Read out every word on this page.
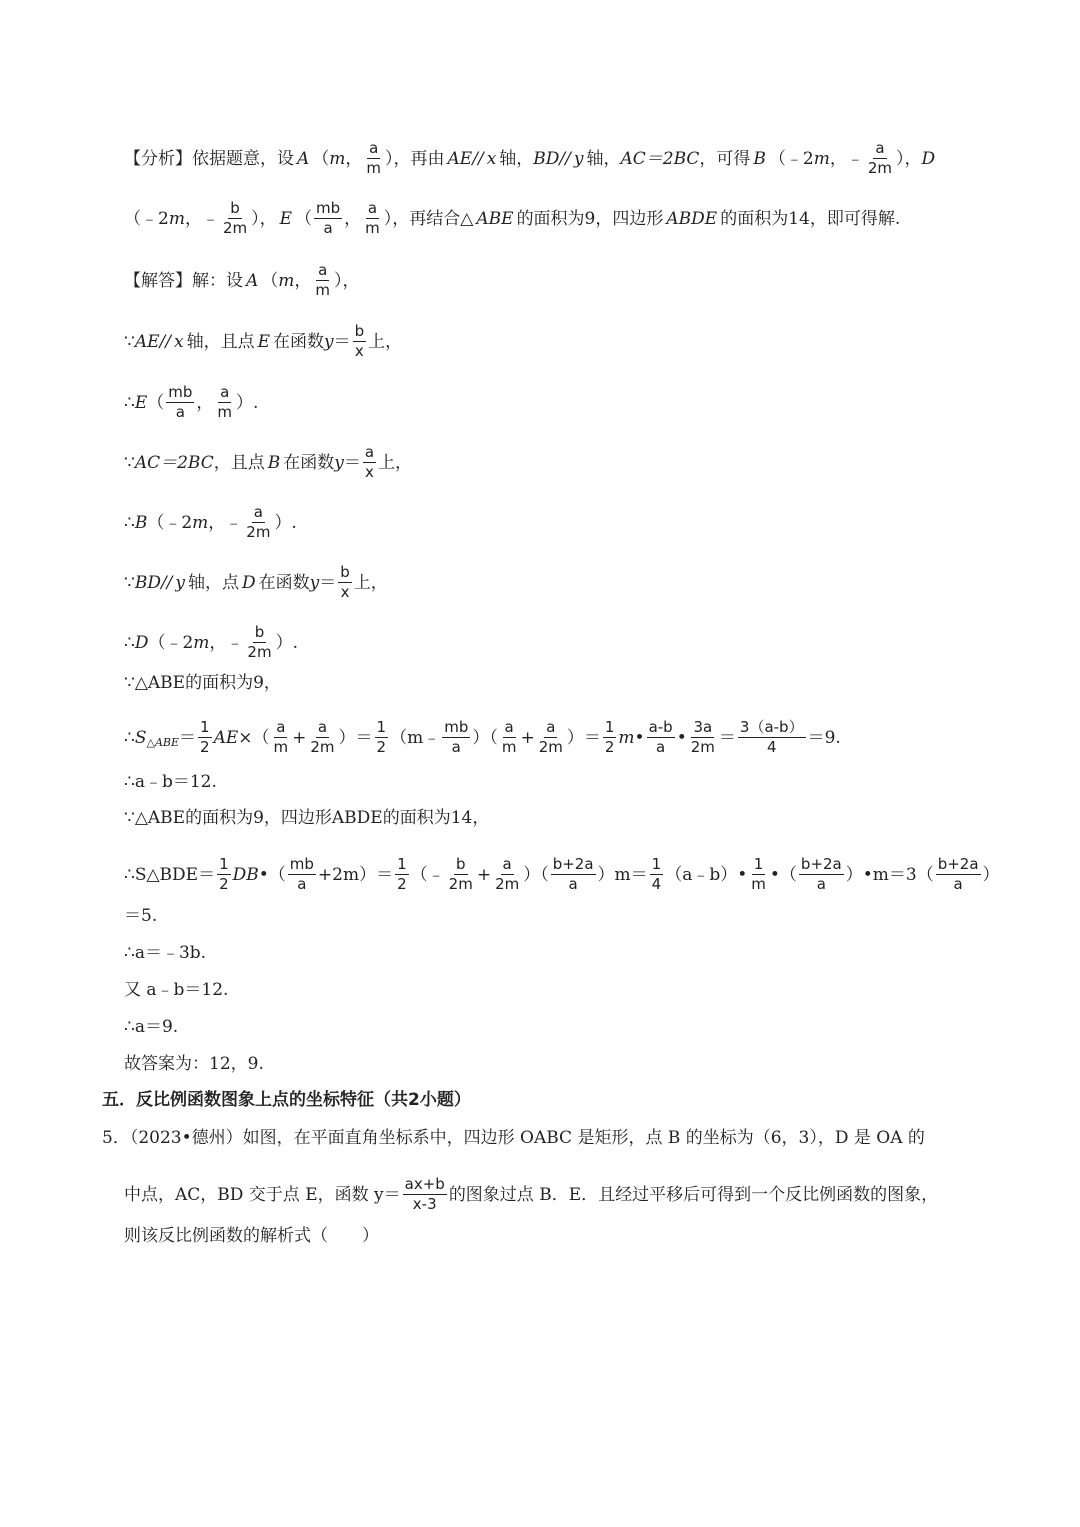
【分析】 依据题意，设 A （ m ， $\frac{a}{m}$ ），再由 AE// x 轴， BD// y 轴， AC＝2BC ，可得 B （﹣2 m ，﹣ $\frac{a}{2m}$ ）， D
（﹣2 m ，﹣ $\frac{b}{2m}$ ）， E （ $\frac{mb}{a}$ ， $\frac{a}{m}$ ），再结合△ ABE 的面积为9，四边形 ABDE 的面积为14，即可得解.
【解答】 解：设 A （ m ， $\frac{a}{m}$ ），
∵ AE// x 轴，且点 E 在函数 $y = \frac{b}{x}$ 上，
∴ E （ $\frac{mb}{a}$ ， $\frac{a}{m}$ ）.
∵ AC＝2BC ，且点 B 在函数 $y = \frac{a}{x}$ 上，
∴ B （﹣2 m ，﹣ $\frac{a}{2m}$ ）.
∵ BD// y 轴，点 D 在函数 $y = \frac{b}{x}$ 上，
∴ D （﹣2 m ，﹣ $\frac{b}{2m}$ ）.
∵△ABE的面积为9，
∴ S △ABE ＝ $\frac{1}{2}$ AE ×（ $\frac{a}{m} + \frac{a}{2m}$ ）＝ $\frac{1}{2}$ （m﹣ $\frac{mb}{a}$ ）（ $\frac{a}{m} + \frac{a}{2m}$ ）＝ $\frac{1}{2}$ m • $\frac{a-b}{a}$ • $\frac{3a}{2m} = \frac{3(a-b)}{4} =9$.
∴a﹣b＝12.
∵△ABE的面积为9，四边形ABDE的面积为14，
∴S△BDE＝ $\frac{1}{2}$ DB •（ $\frac{mb}{a} +2m)= \frac{1}{2}$ （﹣ $\frac{b}{2m} + \frac{a}{2m}$ ）（ $\frac{b+2a}{a} )m= \frac{1}{4}$ （a﹣b）• $\frac{1}{m}$ •（ $\frac{b+2a}{a}$ ）•m＝3（ $\frac{b+2a}{a}$ ）
＝5.
∴a＝﹣3b.
又 a﹣b＝12.
∴a＝9.
故答案为：12，9.
五．反比例函数图象上点的坐标特征（共2小题）
5．（2023•德州）如图，在平面直角坐标系中，四边形 OABC 是矩形，点 B 的坐标为（6，3），D 是 OA 的
中点，AC，BD 交于点 E，函数 $y= \frac{ax+b}{x-3}$ 的图象过点 B．E．且经过平移后可得到一个反比例函数的图象，
则该反比例函数的解析式（　　）
